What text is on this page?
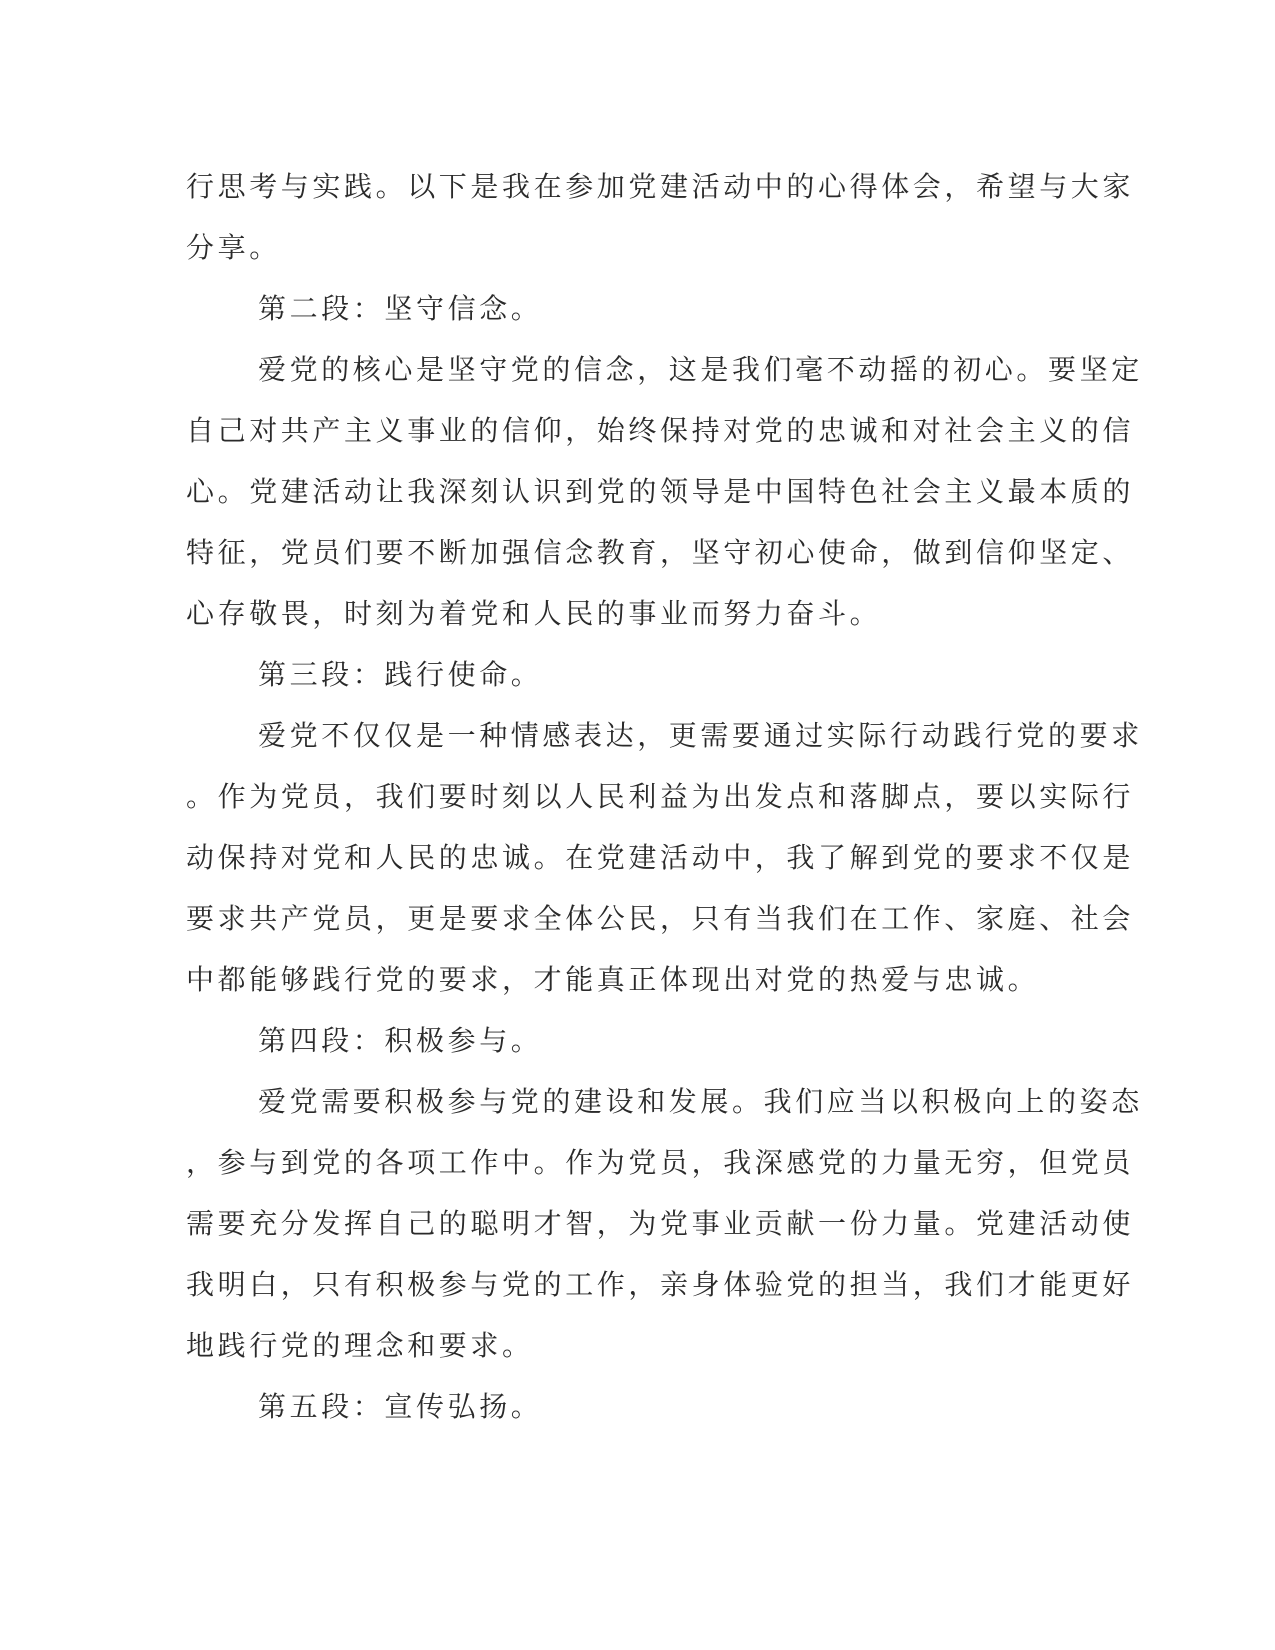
行思考与实践。以下是我在参加党建活动中的心得体会，希望与大家
分享。
第二段：坚守信念。
爱党的核心是坚守党的信念，这是我们毫不动摇的初心。要坚定
自己对共产主义事业的信仰，始终保持对党的忠诚和对社会主义的信
心。党建活动让我深刻认识到党的领导是中国特色社会主义最本质的
特征，党员们要不断加强信念教育，坚守初心使命，做到信仰坚定、
心存敬畏，时刻为着党和人民的事业而努力奋斗。
第三段：践行使命。
爱党不仅仅是一种情感表达，更需要通过实际行动践行党的要求
。作为党员，我们要时刻以人民利益为出发点和落脚点，要以实际行
动保持对党和人民的忠诚。在党建活动中，我了解到党的要求不仅是
要求共产党员，更是要求全体公民，只有当我们在工作、家庭、社会
中都能够践行党的要求，才能真正体现出对党的热爱与忠诚。
第四段：积极参与。
爱党需要积极参与党的建设和发展。我们应当以积极向上的姿态
，参与到党的各项工作中。作为党员，我深感党的力量无穷，但党员
需要充分发挥自己的聪明才智，为党事业贡献一份力量。党建活动使
我明白，只有积极参与党的工作，亲身体验党的担当，我们才能更好
地践行党的理念和要求。
第五段：宣传弘扬。
